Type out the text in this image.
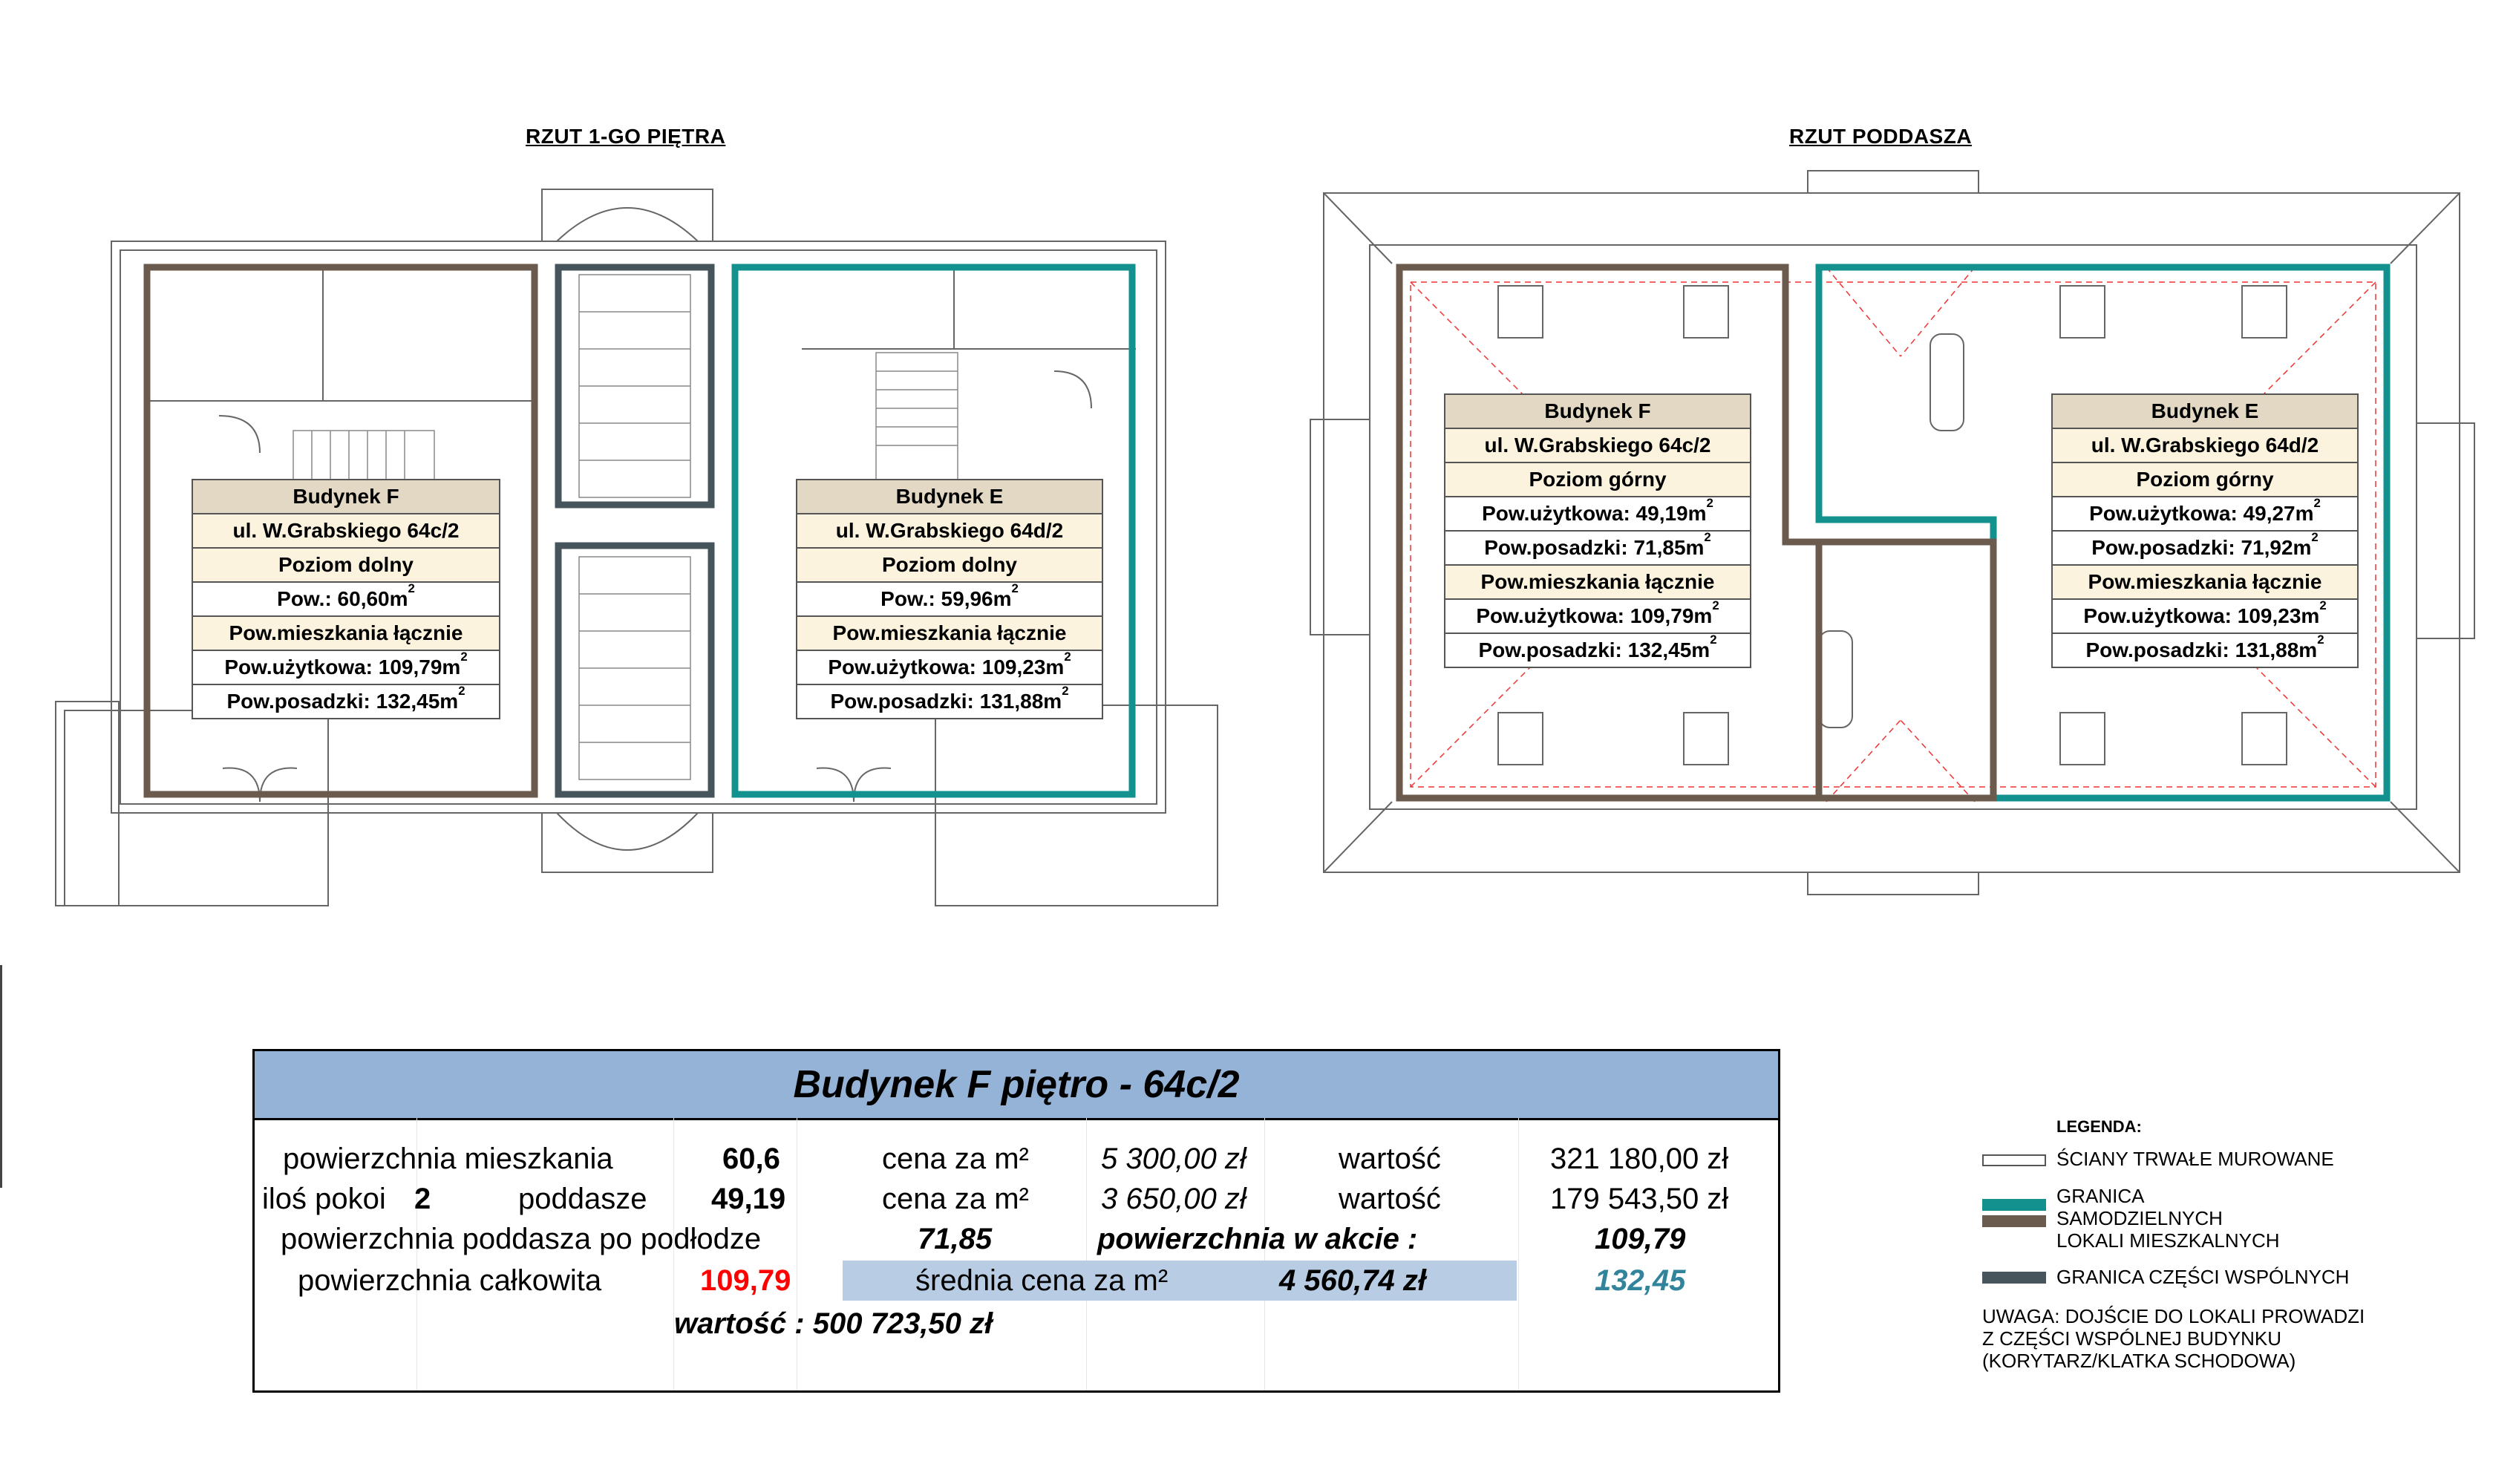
RZUT 1-GO PIĘTRA	RZUT PODDASZA
Budynek F
ul. W.Grabskiego 64c/2
Poziom dolny
Pow.: $60,60m^2$
Pow.mieszkania łącznie
Pow.użytkowa: $109,79m^2$
Pow.posadzki: $132,45m^2$
Budynek E
ul. W.Grabskiego 64d/2
Poziom dolny
Pow.: $59,96m^2$
Pow.mieszkania łącznie
Pow.użytkowa: $109,23m^2$
Pow.posadzki: $131,88m^2$
Budynek F
ul. W.Grabskiego 64c/2
Poziom górny
Pow.użytkowa: $49,19m^2$
Pow.posadzki: $71,85m^2$
Pow.mieszkania łącznie
Pow.użytkowa: $109,79m^2$
Pow.posadzki: $132,45m^2$
Budynek E
ul. W.Grabskiego 64d/2
Poziom górny
Pow.użytkowa: $49,27m^2$
Pow.posadzki: $71,92m^2$
Pow.mieszkania łącznie
Pow.użytkowa: $109,23m^2$
Pow.posadzki: $131,88m^2$
Budynek F piętro - 64c/2
powierzchnia mieszkania	60,6	cena za m² 5 300,00 zł	wartość	321 180,00 zł
iloś pokoi 2	poddasze 49,19	cena za m² 3 650,00 zł	wartość	179 543,50 zł
powierzchnia poddasza po podłodze	71,85	powierzchnia w akcie :	109,79
powierzchnia całkowita	109,79	średnia cena za m²	4 560,74 zł	132,45
wartość : 500 723,50 zł
LEGENDA:
ŚCIANY TRWAŁE MUROWANE
GRANICA
SAMODZIELNYCH
LOKALI MIESZKALNYCH
GRANICA CZĘŚCI WSPÓLNYCH
UWAGA: DOJŚCIE DO LOKALI PROWADZI
Z CZĘŚCI WSPÓLNEJ BUDYNKU
(KORYTARZ/KLATKA SCHODOWA)
